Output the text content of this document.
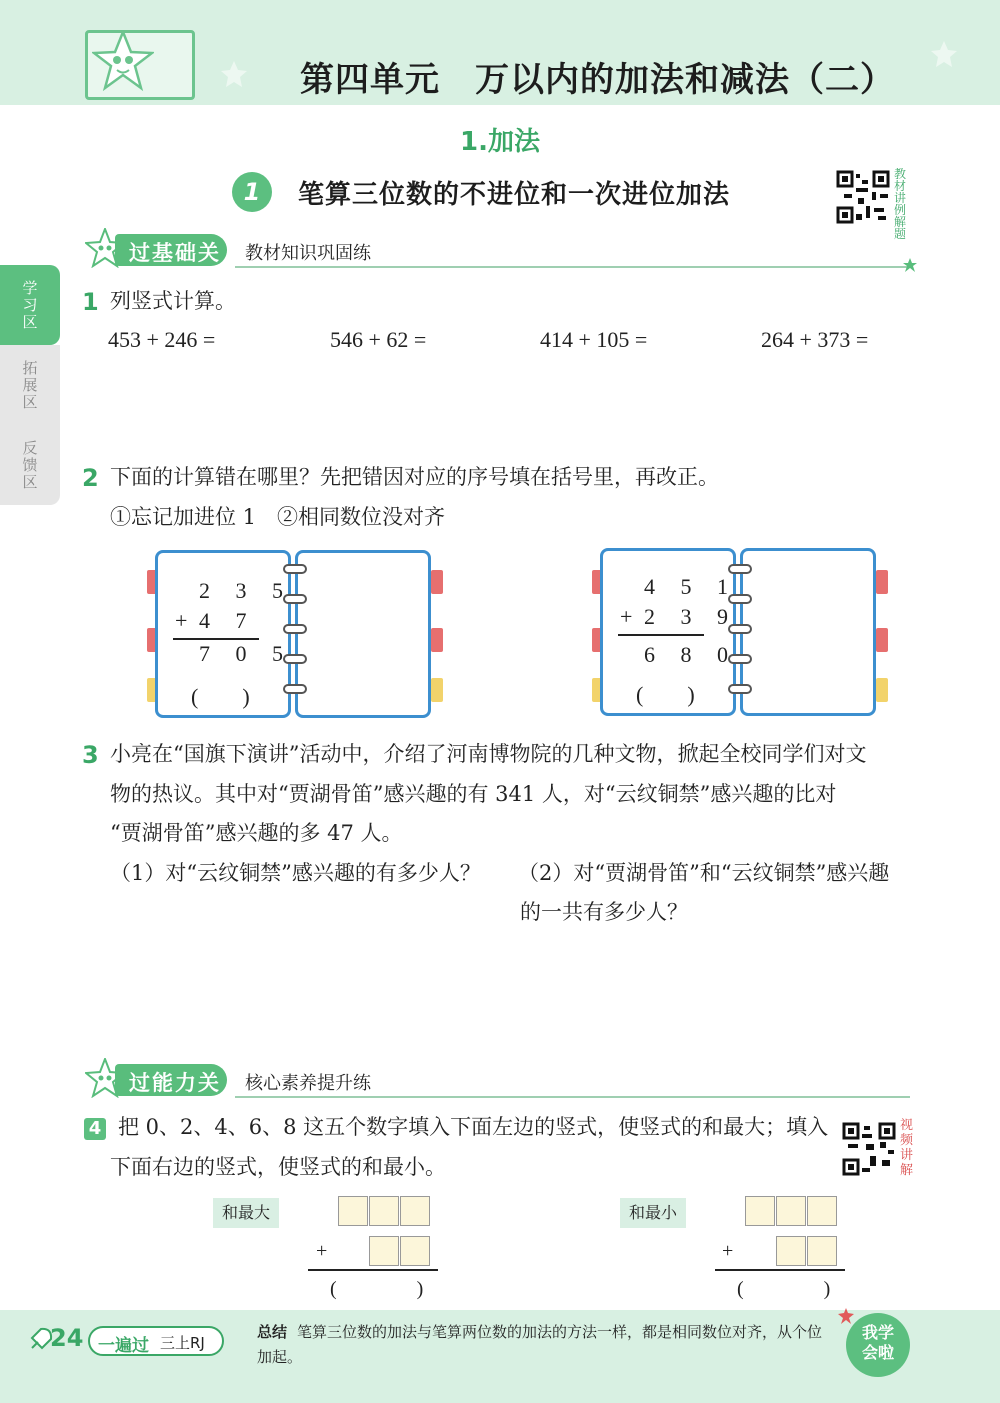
第四单元　万以内的加法和减法（二）
1.加法
1	笔算三位数的不进位和一次进位加法
教材讲例解题
学习区
拓展区
反馈区
过基础关 教材知识巩固练
1 列竖式计算。
453 + 246 =	546 + 62 =	414 + 105 =	264 + 373 =
2 下面的计算错在哪里？先把错因对应的序号填在括号里，再改正。
①忘记加进位 1　②相同数位没对齐
2 3 5
+ 4 7
7 0 5
(　　)
4 5 1
+ 2 3 9
6 8 0
(　　)
3 小亮在“国旗下演讲”活动中，介绍了河南博物院的几种文物，掀起全校同学们对文
物的热议。其中对“贾湖骨笛”感兴趣的有 341 人，对“云纹铜禁”感兴趣的比对
“贾湖骨笛”感兴趣的多 47 人。
（1）对“云纹铜禁”感兴趣的有多少人？ （2）对“贾湖骨笛”和“云纹铜禁”感兴趣
的一共有多少人？
过能力关 核心素养提升练
4 把 0、2、4、6、8 这五个数字填入下面左边的竖式，使竖式的和最大；填入
下面右边的竖式，使竖式的和最小。
视频讲解
和最大
+
(　　　　)
和最小
+
(　　　　)
24 一遍过 三上RJ
总结 笔算三位数的加法与笔算两位数的加法的方法一样，都是相同数位对齐，从个位加起。
我学
会啦
